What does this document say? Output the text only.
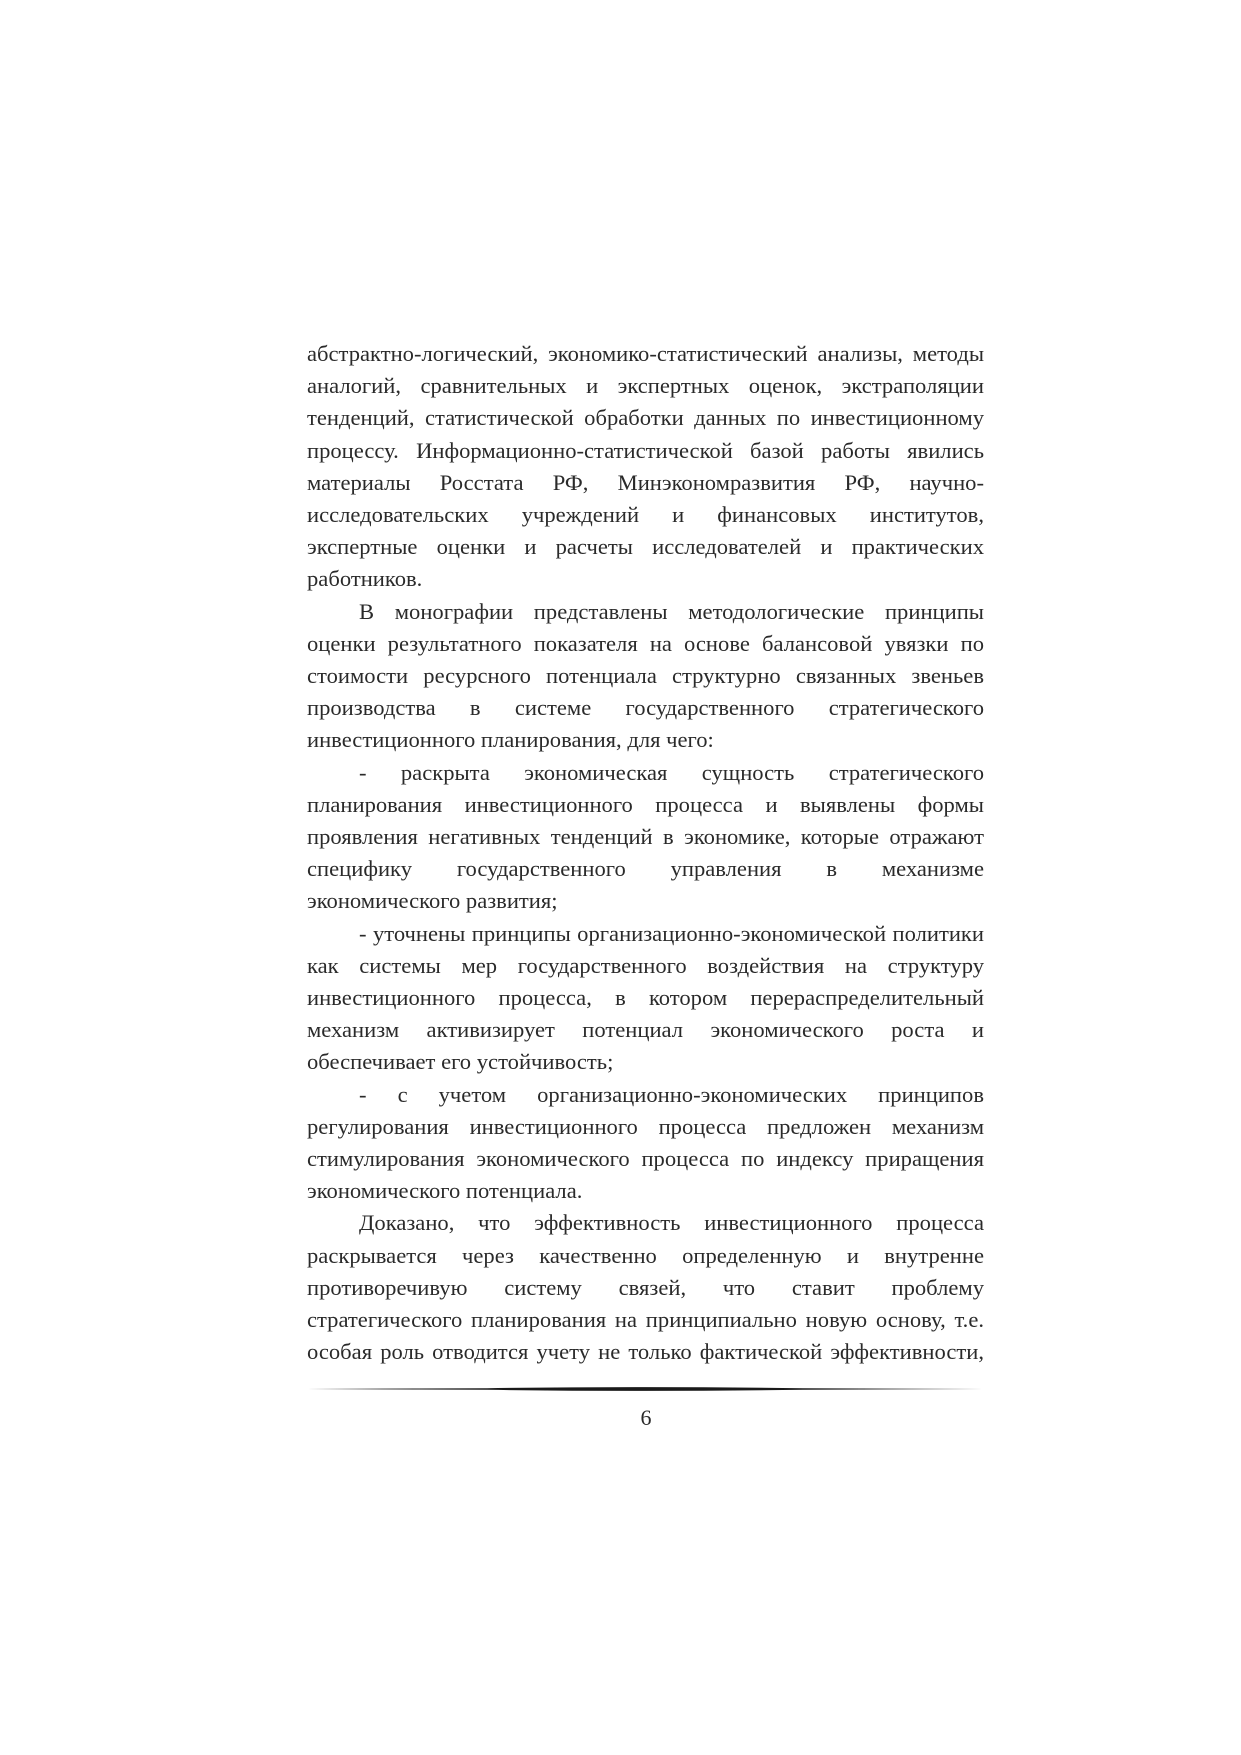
абстрактно-логический, экономико-статистический анализы, методы аналогий, сравнительных и экспертных оценок, экстраполяции тенденций, статистической обработки данных по инвестиционному процессу. Информационно-статистической базой работы явились материалы Росстата РФ, Минэкономразвития РФ, научно-исследовательских учреждений и финансовых институтов, экспертные оценки и расчеты исследователей и практических работников.

В монографии представлены методологические принципы оценки результатного показателя на основе балансовой увязки по стоимости ресурсного потенциала структурно связанных звеньев производства в системе государственного стратегического инвестиционного планирования, для чего:

- раскрыта экономическая сущность стратегического планирования инвестиционного процесса и выявлены формы проявления негативных тенденций в экономике, которые отражают специфику государственного управления в механизме экономического развития;

- уточнены принципы организационно-экономической политики как системы мер государственного воздействия на структуру инвестиционного процесса, в котором перераспределительный механизм активизирует потенциал экономического роста и обеспечивает его устойчивость;

- с учетом организационно-экономических принципов регулирования инвестиционного процесса предложен механизм стимулирования экономического процесса по индексу приращения экономического потенциала.

Доказано, что эффективность инвестиционного процесса раскрывается через качественно определенную и внутренне противоречивую систему связей, что ставит проблему стратегического планирования на принципиально новую основу, т.е. особая роль отводится учету не только фактической эффективности,

6
